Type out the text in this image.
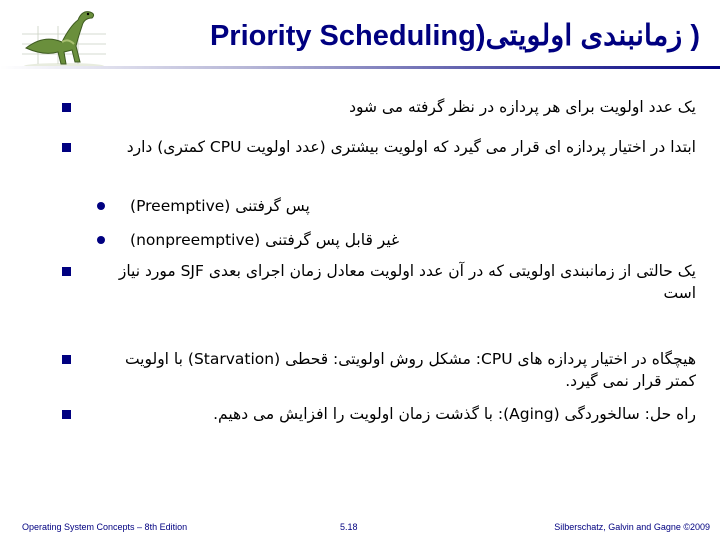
( زمانبندی اولویتی(Priority Scheduling
یک عدد اولویت برای هر پردازه در نظر گرفته می شود
ابتدا در اختیار پردازه ای قرار می گیرد که اولویت بیشتری (عدد اولویت CPU کمتری) دارد
پس گرفتنی (Preemptive)
غیر قابل پس گرفتنی (nonpreemptive)
یک حالتی از زمانبندی اولویتی که در آن عدد اولویت معادل زمان اجرای بعدی SJF مورد نیاز است
هیچگاه در اختیار پردازه های CPU: مشکل روش اولویتی: قحطی (Starvation) با اولویت کمتر قرار نمی گیرد.
راه حل: سالخوردگی (Aging): با گذشت زمان اولویت را افزایش می دهیم.
Operating System Concepts – 8th Edition	5.18	Silberschatz, Galvin and Gagne ©2009
